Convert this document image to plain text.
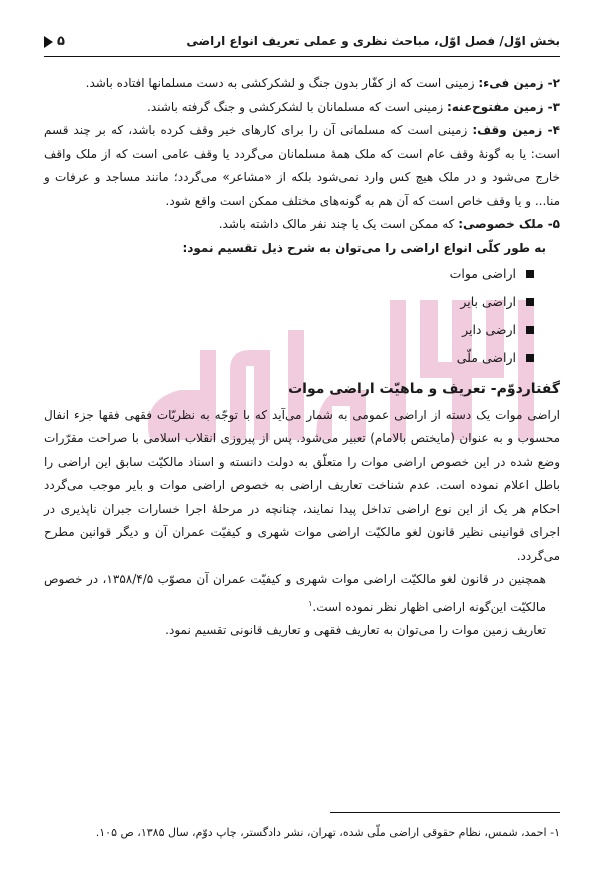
بخش اوّل/ فصل اوّل، مباحث نظری و عملی تعریف انواع اراضی
۵

۲- زمین فیء: زمینی است که از کفّار بدون جنگ و لشکرکشی به دست مسلمانها افتاده باشد.

۳- زمین مفتوح‌عنه: زمینی است که مسلمانان با لشکرکشی و جنگ گرفته باشند.

۴- زمین وقف: زمینی است که مسلمانی آن را برای کارهای خیر وقف کرده باشد، که بر چند قسم است: یا به گونهٔ وقف عام است که ملک همهٔ مسلمانان می‌گردد یا وقف عامی است که از ملک واقف خارج می‌شود و در ملک هیچ کس وارد نمی‌شود بلکه از «مشاعر» می‌گردد؛ مانند مساجد و عرفات و منا... و یا وقف خاص است که آن هم به گونه‌های مختلف ممکن است واقع شود.

۵- ملک خصوصی: که ممکن است یک یا چند نفر مالک داشته باشد.

به طور کلّی انواع اراضی را می‌توان به شرح ذیل تقسیم نمود:

اراضی موات
اراضی بایر
ارضی دایر
اراضی ملّی
گفتاردوّم- تعریف و ماهیّت اراضی موات

اراضی موات یک دسته از اراضی عمومی به شمار می‌آید که با توجّه به نظریّات فقهی فقها جزء انفال محسوب و به عنوان (مایختص بالامام) تعبیر می‌شود. پس از پیروزی انقلاب اسلامی با صراحت مقرّرات وضع شده در این خصوص اراضی موات را متعلّق به دولت دانسته و اسناد مالکیّت سابق این اراضی را باطل اعلام نموده است. عدم شناخت تعاریف اراضی به خصوص اراضی موات و بایر موجب می‌گردد احکام هر یک از این نوع اراضی تداخل پیدا نمایند، چنانچه در مرحلهٔ اجرا خسارات جبران ناپذیری در اجرای قوانینی نظیر قانون لغو مالکیّت اراضی موات شهری و کیفیّت عمران آن و دیگر قوانین مطرح می‌گردد.

همچنین در قانون لغو مالکیّت اراضی موات شهری و کیفیّت عمران آن مصوّب ۱۳۵۸/۴/۵، در خصوص مالکیّت این‌گونه اراضی اظهار نظر نموده است.$^۱$

تعاریف زمین موات را می‌توان به تعاریف فقهی و تعاریف قانونی تقسیم نمود.

۱- احمد، شمس، نظام حقوقی اراضی ملّی شده، تهران، نشر دادگستر، چاپ دوّم، سال ۱۳۸۵، ص ۱۰۵.
